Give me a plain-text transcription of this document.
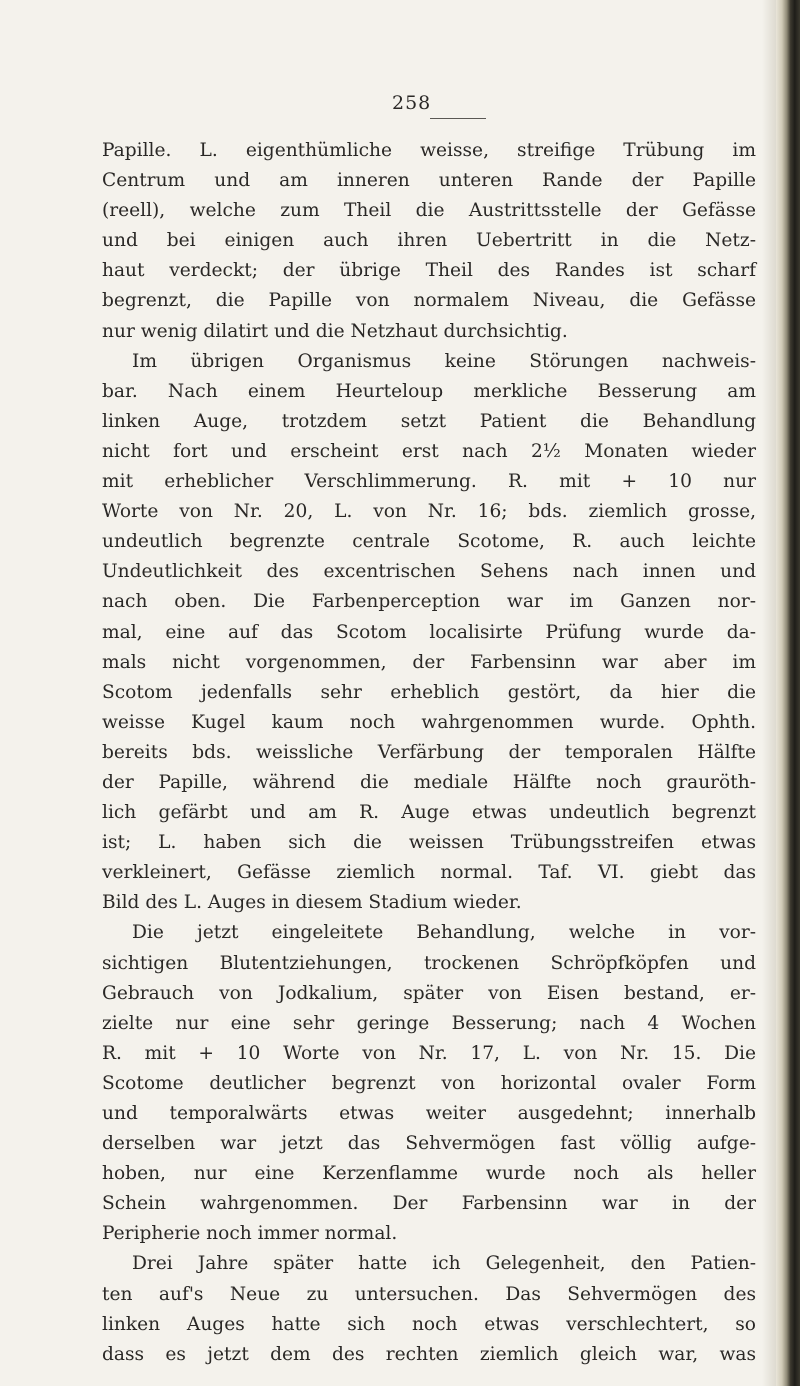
258
Papille. L. eigenthümliche weisse, streifige Trübung im
Centrum und am inneren unteren Rande der Papille
(reell), welche zum Theil die Austrittsstelle der Gefässe
und bei einigen auch ihren Uebertritt in die Netz-
haut verdeckt; der übrige Theil des Randes ist scharf
begrenzt, die Papille von normalem Niveau, die Gefässe
nur wenig dilatirt und die Netzhaut durchsichtig.
Im übrigen Organismus keine Störungen nachweis-
bar. Nach einem Heurteloup merkliche Besserung am
linken Auge, trotzdem setzt Patient die Behandlung
nicht fort und erscheint erst nach 2½ Monaten wieder
mit erheblicher Verschlimmerung. R. mit + 10 nur
Worte von Nr. 20, L. von Nr. 16; bds. ziemlich grosse,
undeutlich begrenzte centrale Scotome, R. auch leichte
Undeutlichkeit des excentrischen Sehens nach innen und
nach oben. Die Farbenperception war im Ganzen nor-
mal, eine auf das Scotom localisirte Prüfung wurde da-
mals nicht vorgenommen, der Farbensinn war aber im
Scotom jedenfalls sehr erheblich gestört, da hier die
weisse Kugel kaum noch wahrgenommen wurde. Ophth.
bereits bds. weissliche Verfärbung der temporalen Hälfte
der Papille, während die mediale Hälfte noch grauröth-
lich gefärbt und am R. Auge etwas undeutlich begrenzt
ist; L. haben sich die weissen Trübungsstreifen etwas
verkleinert, Gefässe ziemlich normal. Taf. VI. giebt das
Bild des L. Auges in diesem Stadium wieder.
Die jetzt eingeleitete Behandlung, welche in vor-
sichtigen Blutentziehungen, trockenen Schröpfköpfen und
Gebrauch von Jodkalium, später von Eisen bestand, er-
zielte nur eine sehr geringe Besserung; nach 4 Wochen
R. mit + 10 Worte von Nr. 17, L. von Nr. 15. Die
Scotome deutlicher begrenzt von horizontal ovaler Form
und temporalwärts etwas weiter ausgedehnt; innerhalb
derselben war jetzt das Sehvermögen fast völlig aufge-
hoben, nur eine Kerzenflamme wurde noch als heller
Schein wahrgenommen. Der Farbensinn war in der
Peripherie noch immer normal.
Drei Jahre später hatte ich Gelegenheit, den Patien-
ten auf's Neue zu untersuchen. Das Sehvermögen des
linken Auges hatte sich noch etwas verschlechtert, so
dass es jetzt dem des rechten ziemlich gleich war, was
